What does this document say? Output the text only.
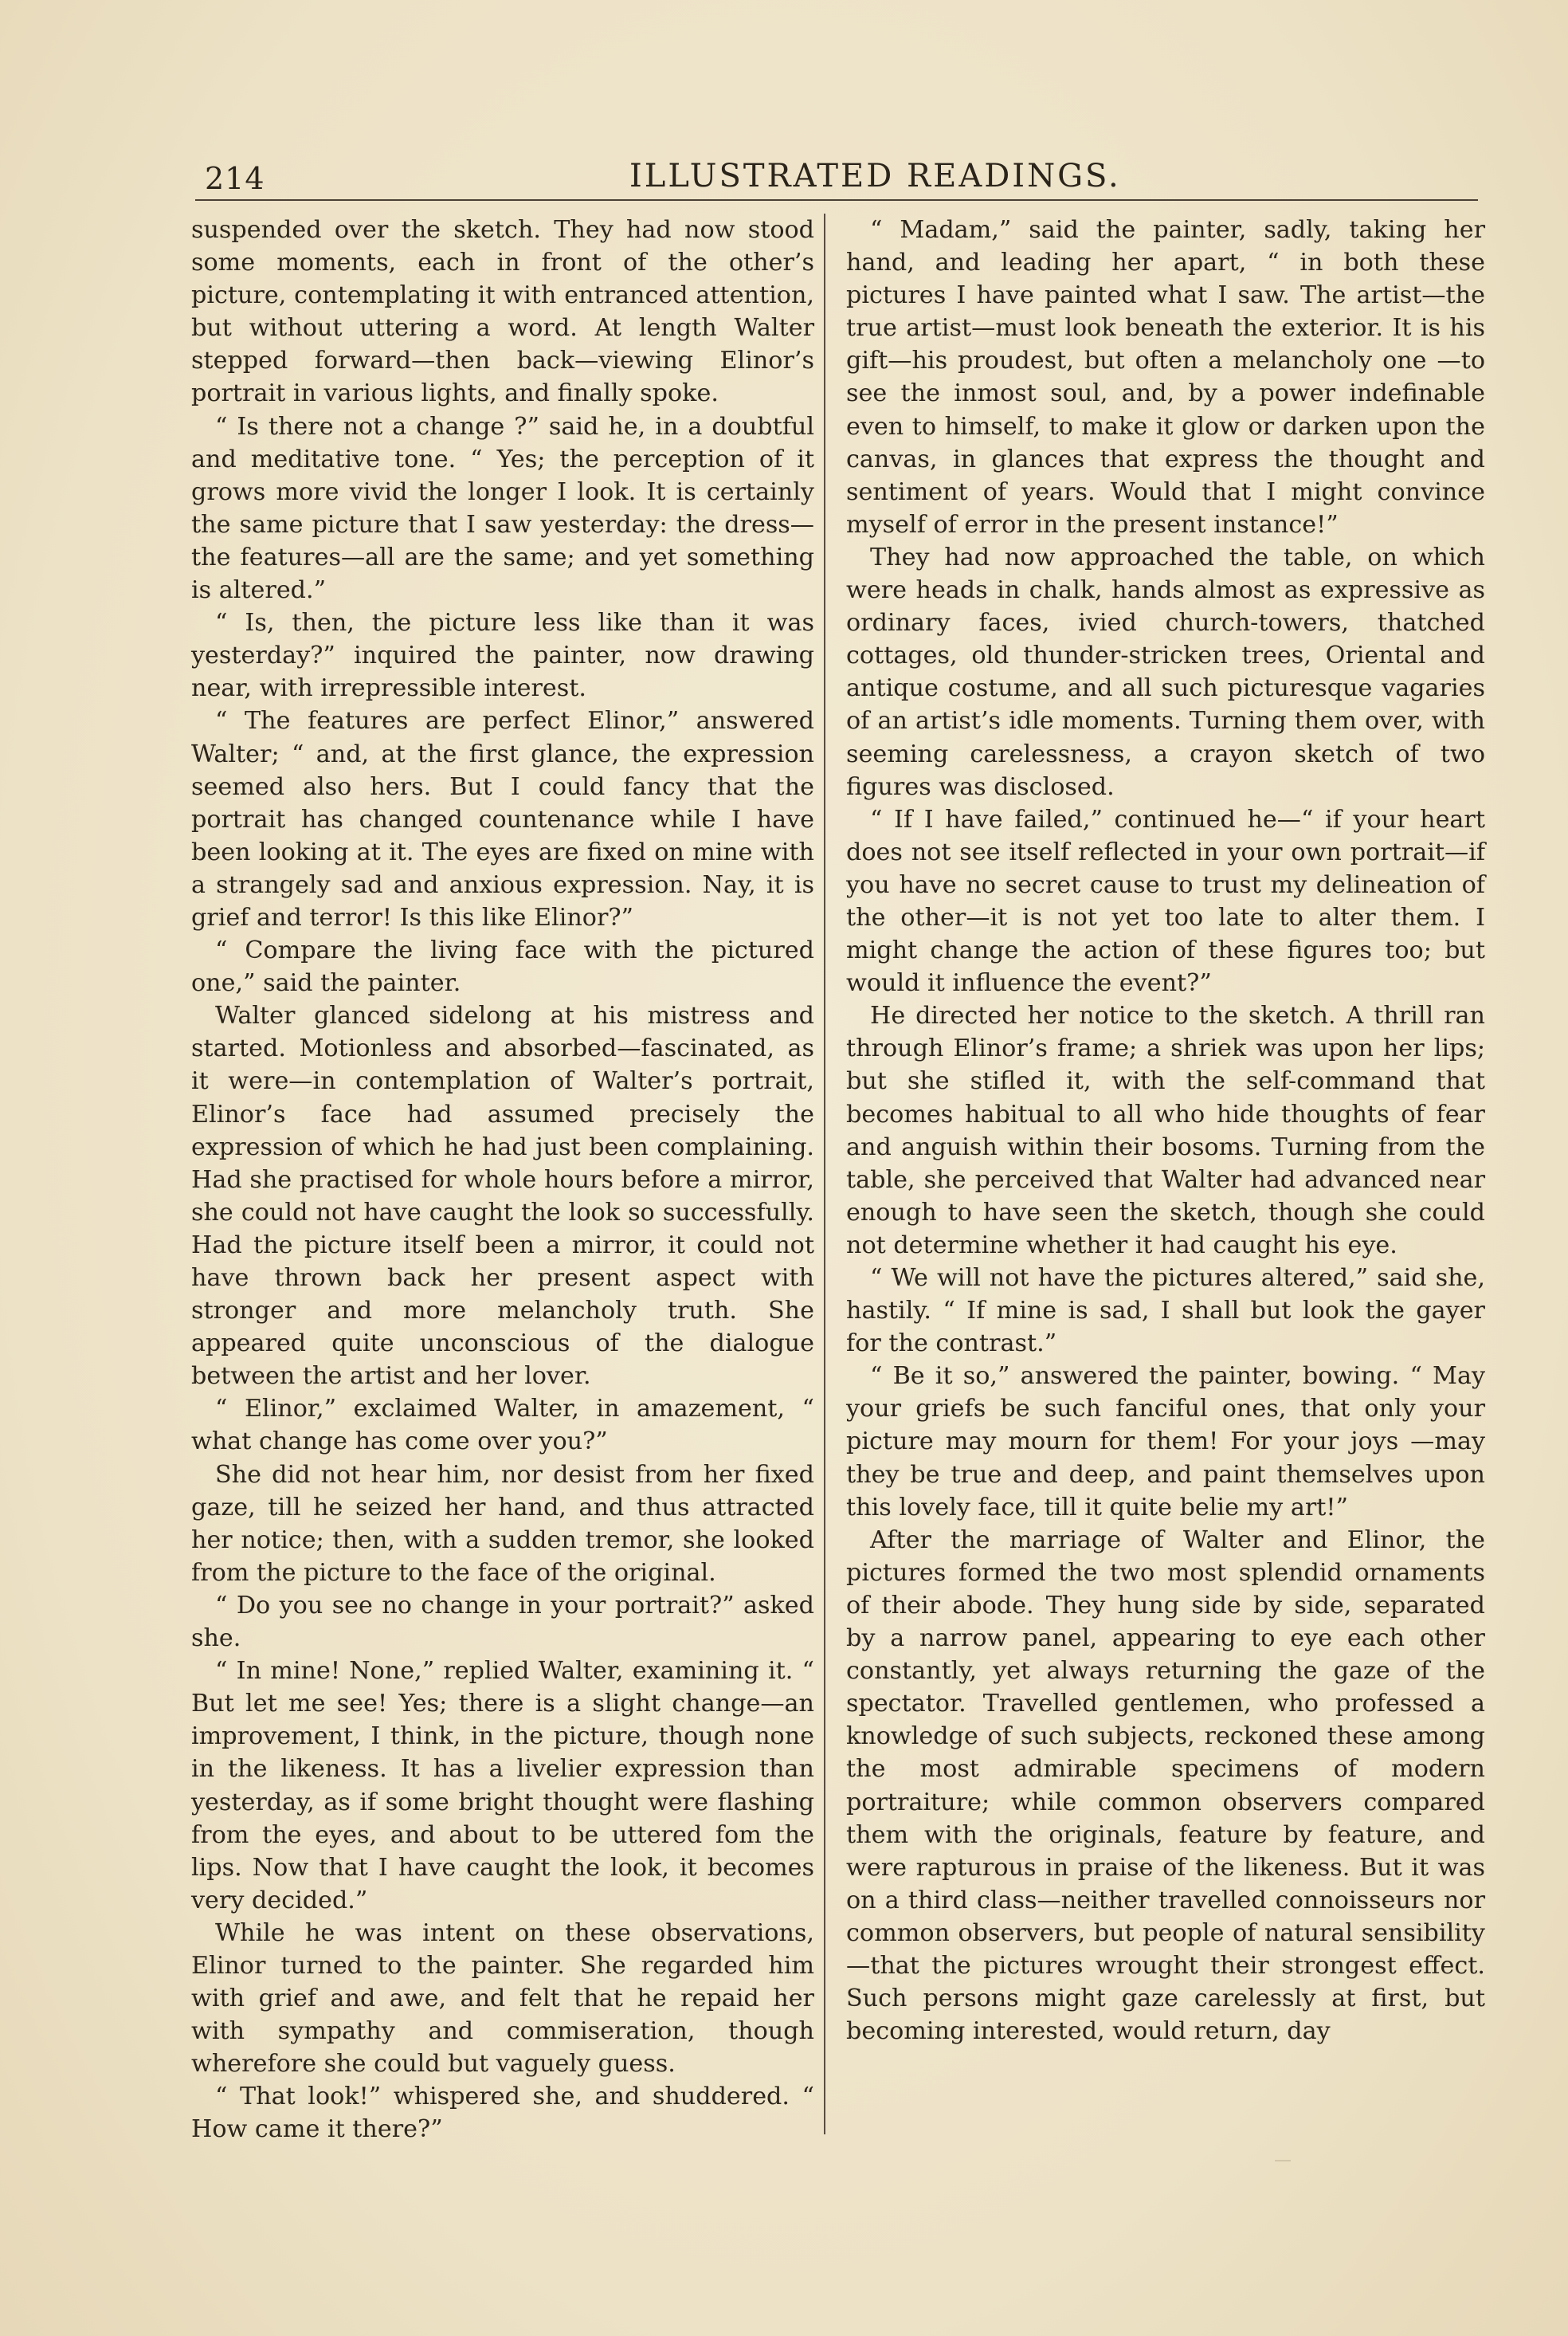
214	ILLUSTRATED READINGS.

suspended over the sketch. They had now stood some moments, each in front of the other’s picture, contemplating it with entranced attention, but without uttering a word. At length Walter stepped forward—then back—viewing Elinor’s portrait in various lights, and finally spoke.

“ Is there not a change ?” said he, in a doubtful and meditative tone. “ Yes; the perception of it grows more vivid the longer I look. It is certainly the same picture that I saw yesterday: the dress—the features—all are the same; and yet something is altered.”

“ Is, then, the picture less like than it was yesterday?” inquired the painter, now drawing near, with irrepressible interest.

“ The features are perfect Elinor,” answered Walter; “ and, at the first glance, the expression seemed also hers. But I could fancy that the portrait has changed countenance while I have been looking at it. The eyes are fixed on mine with a strangely sad and anxious expression. Nay, it is grief and terror! Is this like Elinor?”

“ Compare the living face with the pictured one,” said the painter.

Walter glanced sidelong at his mistress and started. Motionless and absorbed—fascinated, as it were—in contemplation of Walter’s portrait, Elinor’s face had assumed precisely the expression of which he had just been complaining. Had she practised for whole hours before a mirror, she could not have caught the look so successfully. Had the picture itself been a mirror, it could not have thrown back her present aspect with stronger and more melancholy truth. She appeared quite unconscious of the dialogue between the artist and her lover.

“ Elinor,” exclaimed Walter, in amazement, “ what change has come over you?”

She did not hear him, nor desist from her fixed gaze, till he seized her hand, and thus attracted her notice; then, with a sudden tremor, she looked from the picture to the face of the original.

“ Do you see no change in your portrait?” asked she.

“ In mine! None,” replied Walter, examining it. “ But let me see! Yes; there is a slight change—an improvement, I think, in the picture, though none in the likeness. It has a livelier expression than yesterday, as if some bright thought were flashing from the eyes, and about to be uttered fom the lips. Now that I have caught the look, it becomes very decided.”

While he was intent on these observations, Elinor turned to the painter. She regarded him with grief and awe, and felt that he repaid her with sympathy and commiseration, though wherefore she could but vaguely guess.

“ That look!” whispered she, and shuddered. “ How came it there?”

“ Madam,” said the painter, sadly, taking her hand, and leading her apart, “ in both these pictures I have painted what I saw. The artist—the true artist—must look beneath the exterior. It is his gift—his proudest, but often a melancholy one —to see the inmost soul, and, by a power indefinable even to himself, to make it glow or darken upon the canvas, in glances that express the thought and sentiment of years. Would that I might convince myself of error in the present instance!”

They had now approached the table, on which were heads in chalk, hands almost as expressive as ordinary faces, ivied church-towers, thatched cottages, old thunder-stricken trees, Oriental and antique costume, and all such picturesque vagaries of an artist’s idle moments. Turning them over, with seeming carelessness, a crayon sketch of two figures was disclosed.

“ If I have failed,” continued he—“ if your heart does not see itself reflected in your own portrait—if you have no secret cause to trust my delineation of the other—it is not yet too late to alter them. I might change the action of these figures too; but would it influence the event?”

He directed her notice to the sketch. A thrill ran through Elinor’s frame; a shriek was upon her lips; but she stifled it, with the self-command that becomes habitual to all who hide thoughts of fear and anguish within their bosoms. Turning from the table, she perceived that Walter had advanced near enough to have seen the sketch, though she could not determine whether it had caught his eye.

“ We will not have the pictures altered,” said she, hastily. “ If mine is sad, I shall but look the gayer for the contrast.”

“ Be it so,” answered the painter, bowing. “ May your griefs be such fanciful ones, that only your picture may mourn for them! For your joys —may they be true and deep, and paint themselves upon this lovely face, till it quite belie my art!”

After the marriage of Walter and Elinor, the pictures formed the two most splendid ornaments of their abode. They hung side by side, separated by a narrow panel, appearing to eye each other constantly, yet always returning the gaze of the spectator. Travelled gentlemen, who professed a knowledge of such subjects, reckoned these among the most admirable specimens of modern portraiture; while common observers compared them with the originals, feature by feature, and were rapturous in praise of the likeness. But it was on a third class—neither travelled connoisseurs nor common observers, but people of natural sensibility—that the pictures wrought their strongest effect. Such persons might gaze carelessly at first, but becoming interested, would return, day
